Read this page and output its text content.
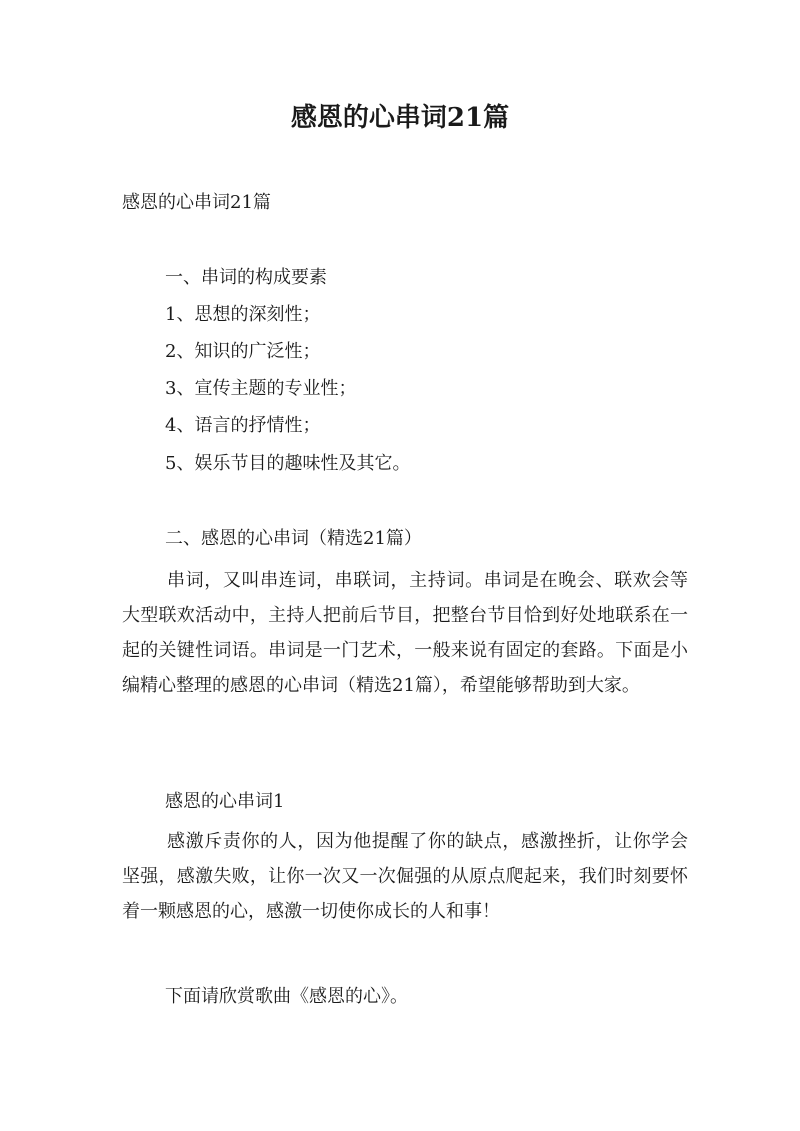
感恩的心串词21篇

感恩的心串词21篇

一、串词的构成要素

1、思想的深刻性；

2、知识的广泛性；

3、宣传主题的专业性；

4、语言的抒情性；

5、娱乐节目的趣味性及其它。

二、感恩的心串词（精选21篇）

串词，又叫串连词，串联词，主持词。串词是在晚会、联欢会等大型联欢活动中，主持人把前后节目，把整台节目恰到好处地联系在一起的关键性词语。串词是一门艺术，一般来说有固定的套路。下面是小编精心整理的感恩的心串词（精选21篇），希望能够帮助到大家。

感恩的心串词1

感激斥责你的人，因为他提醒了你的缺点，感激挫折，让你学会坚强，感激失败，让你一次又一次倔强的从原点爬起来，我们时刻要怀着一颗感恩的心，感激一切使你成长的人和事！

下面请欣赏歌曲《感恩的心》。
